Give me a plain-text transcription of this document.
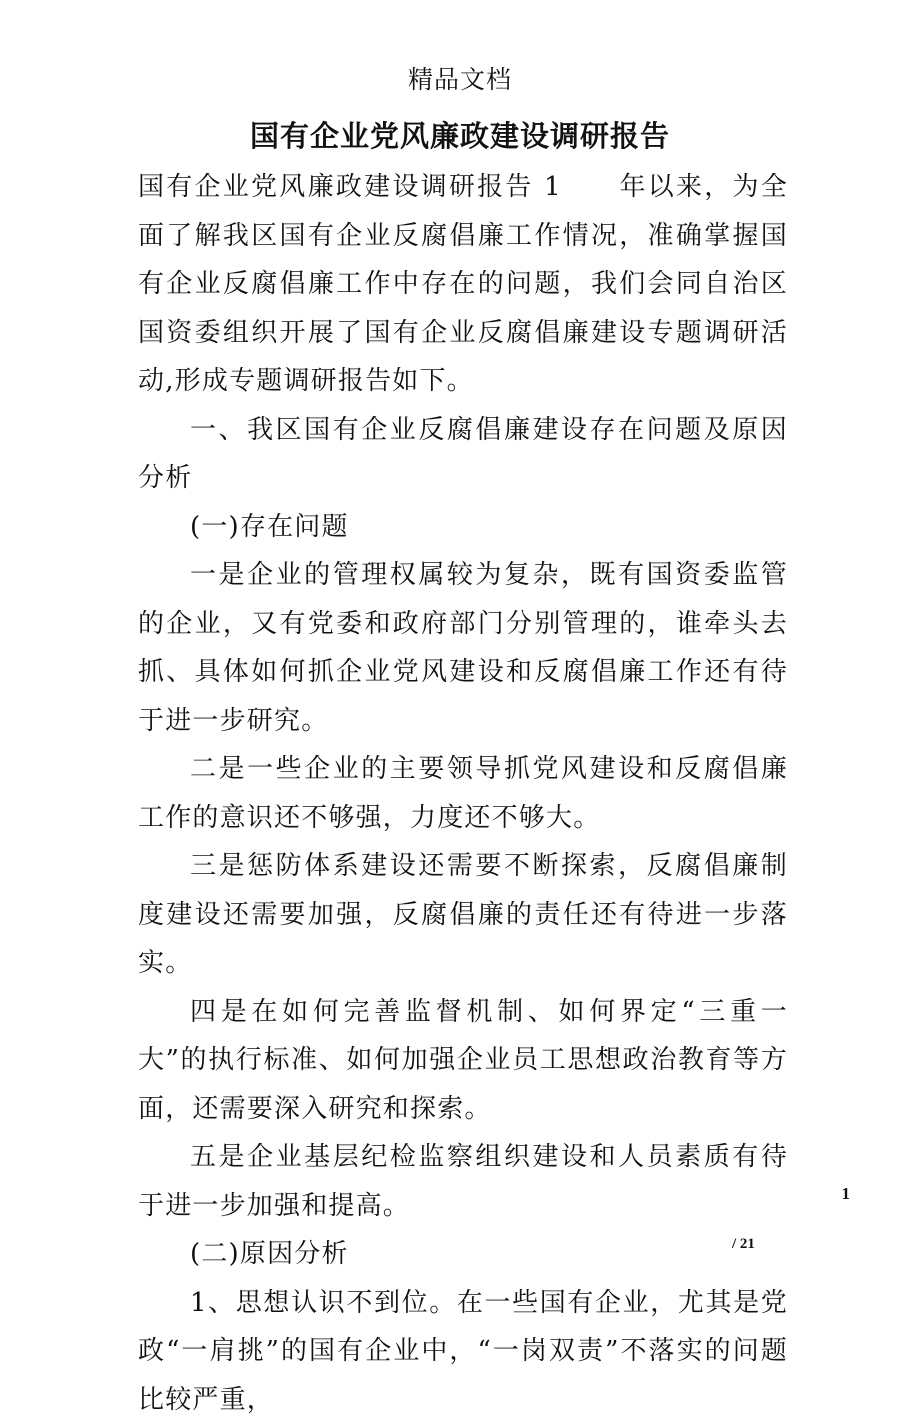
精品文档
国有企业党风廉政建设调研报告

国有企业党风廉政建设调研报告 1　　年以来，为全面了解我区国有企业反腐倡廉工作情况，准确掌握国有企业反腐倡廉工作中存在的问题，我们会同自治区国资委组织开展了国有企业反腐倡廉建设专题调研活动,形成专题调研报告如下。

一、我区国有企业反腐倡廉建设存在问题及原因分析

(一)存在问题

一是企业的管理权属较为复杂，既有国资委监管的企业，又有党委和政府部门分别管理的，谁牵头去抓、具体如何抓企业党风建设和反腐倡廉工作还有待于进一步研究。

二是一些企业的主要领导抓党风建设和反腐倡廉工作的意识还不够强，力度还不够大。

三是惩防体系建设还需要不断探索，反腐倡廉制度建设还需要加强，反腐倡廉的责任还有待进一步落实。

四是在如何完善监督机制、如何界定“三重一大”的执行标准、如何加强企业员工思想政治教育等方面，还需要深入研究和探索。

五是企业基层纪检监察组织建设和人员素质有待于进一步加强和提高。

(二)原因分析

1、思想认识不到位。在一些国有企业，尤其是党政“一肩挑”的国有企业中，“一岗双责”不落实的问题比较严重，

1
/ 21
